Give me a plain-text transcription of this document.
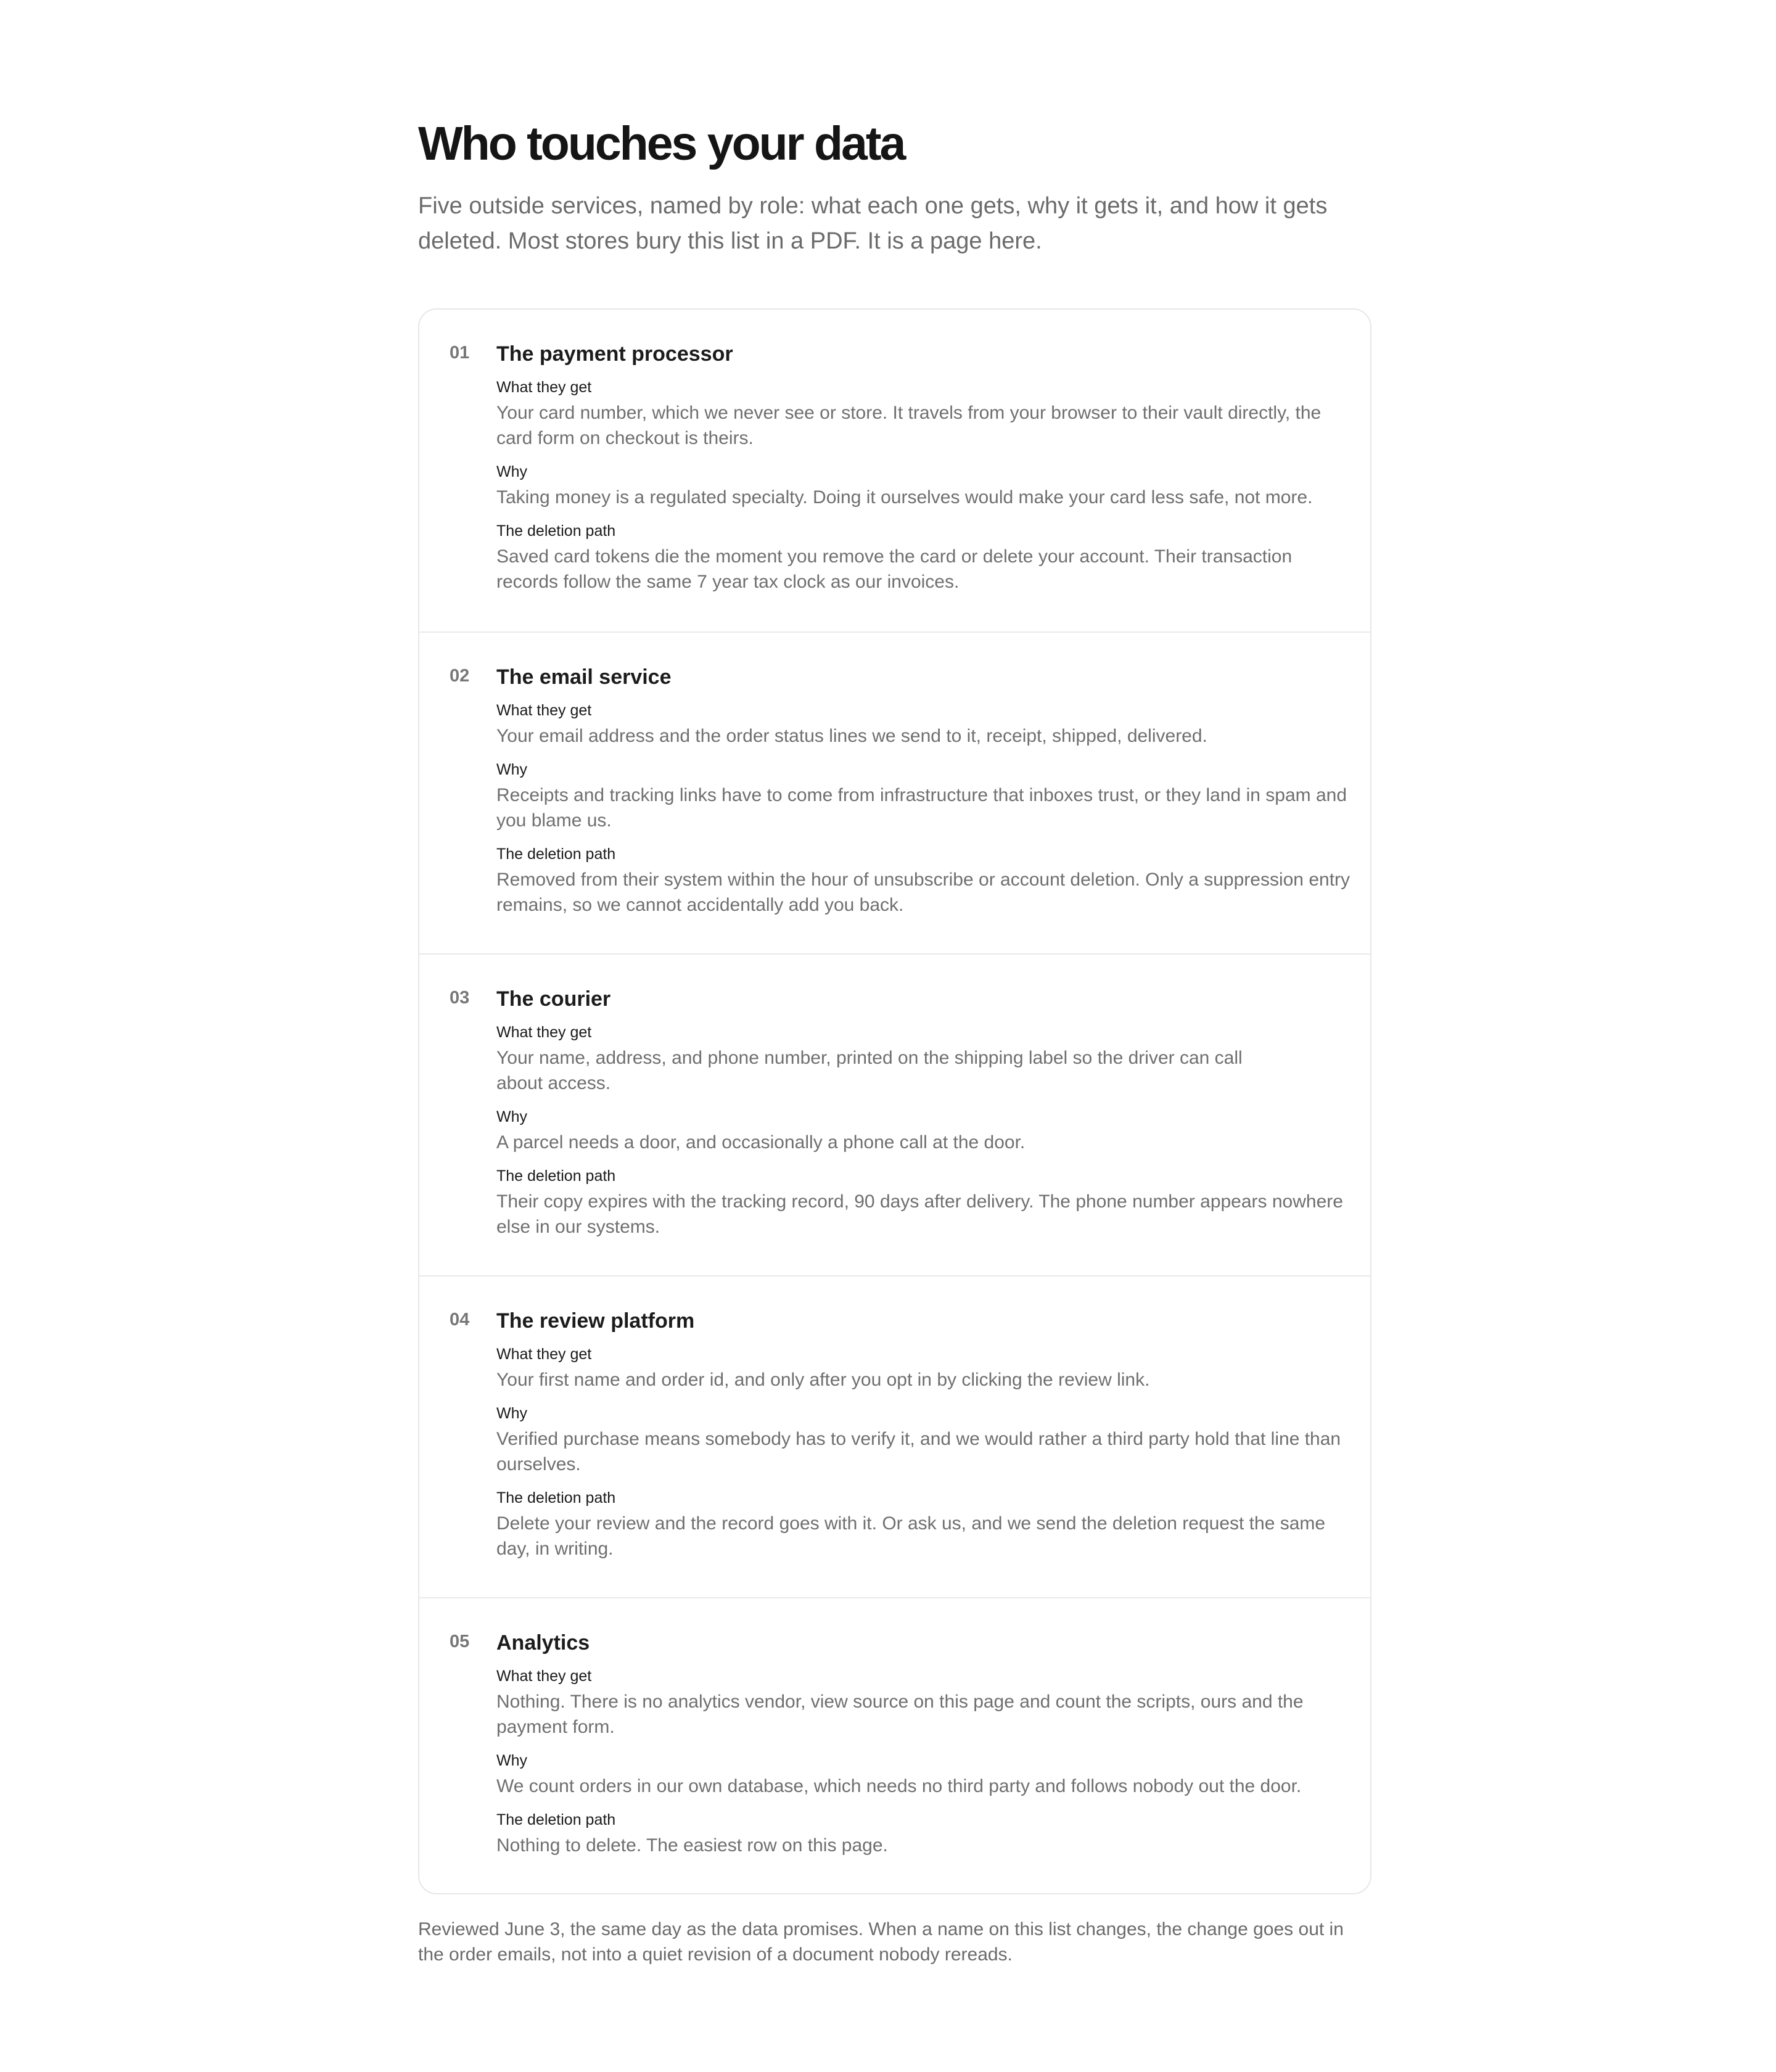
Who touches your data

Five outside services, named by role: what each one gets, why it gets it, and how it gets deleted. Most stores bury this list in a PDF. It is a page here.

01 The payment processor
What they get

Your card number, which we never see or store. It travels from your browser to their vault directly, the card form on checkout is theirs.

Why

Taking money is a regulated specialty. Doing it ourselves would make your card less safe, not more.

The deletion path

Saved card tokens die the moment you remove the card or delete your account. Their transaction records follow the same 7 year tax clock as our invoices.

02 The email service
What they get

Your email address and the order status lines we send to it, receipt, shipped, delivered.

Why

Receipts and tracking links have to come from infrastructure that inboxes trust, or they land in spam and you blame us.

The deletion path

Removed from their system within the hour of unsubscribe or account deletion. Only a suppression entry remains, so we cannot accidentally add you back.

03 The courier
What they get

Your name, address, and phone number, printed on the shipping label so the driver can call about access.

Why

A parcel needs a door, and occasionally a phone call at the door.

The deletion path

Their copy expires with the tracking record, 90 days after delivery. The phone number appears nowhere else in our systems.

04 The review platform
What they get

Your first name and order id, and only after you opt in by clicking the review link.

Why

Verified purchase means somebody has to verify it, and we would rather a third party hold that line than ourselves.

The deletion path

Delete your review and the record goes with it. Or ask us, and we send the deletion request the same day, in writing.

05 Analytics
What they get

Nothing. There is no analytics vendor, view source on this page and count the scripts, ours and the payment form.

Why

We count orders in our own database, which needs no third party and follows nobody out the door.

The deletion path

Nothing to delete. The easiest row on this page.

Reviewed June 3, the same day as the data promises. When a name on this list changes, the change goes out in the order emails, not into a quiet revision of a document nobody rereads.
